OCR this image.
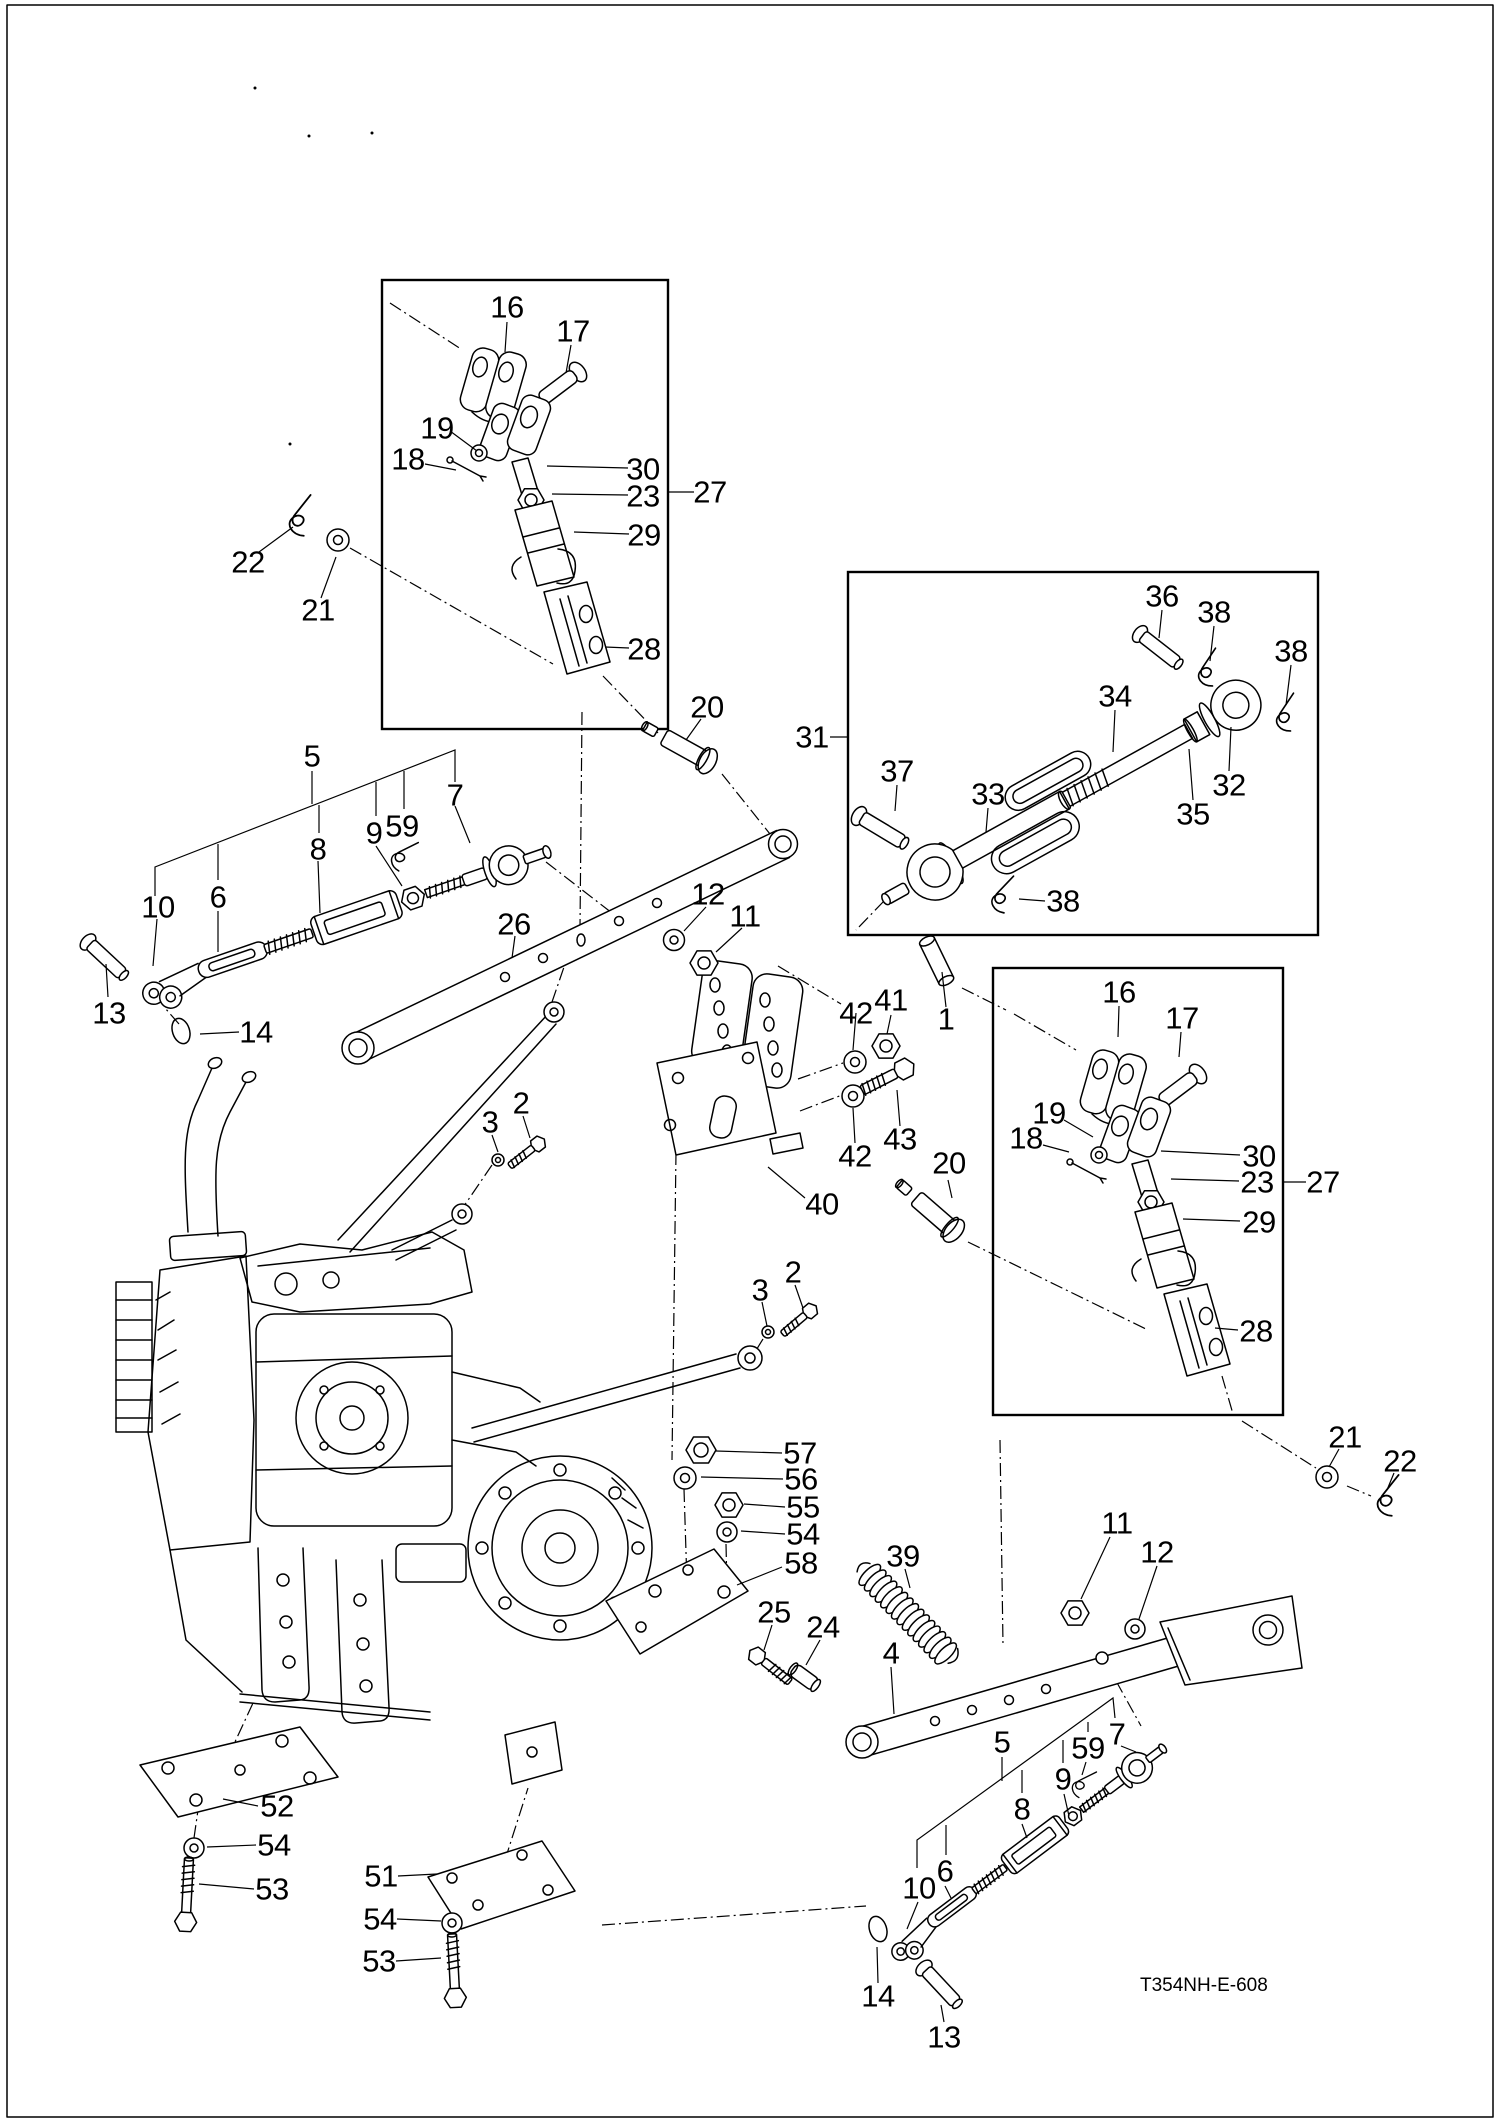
16
17
19
18	30
23 27
29
28
22
21
20
5
7
59
9
8
6
10
13
14
26
12
11
31
36 38
38
34
37
33	32
35
38
42 41
1
43
42
40
20
16
17
19
18
30
23 27
29
28
21
22
3
2
3
2
57
56
55
54
58
25 24
52
54
53 51
54
53
39
4
11
12
5 59 7
9
8
6
10
14
13
T354NH-E-608
